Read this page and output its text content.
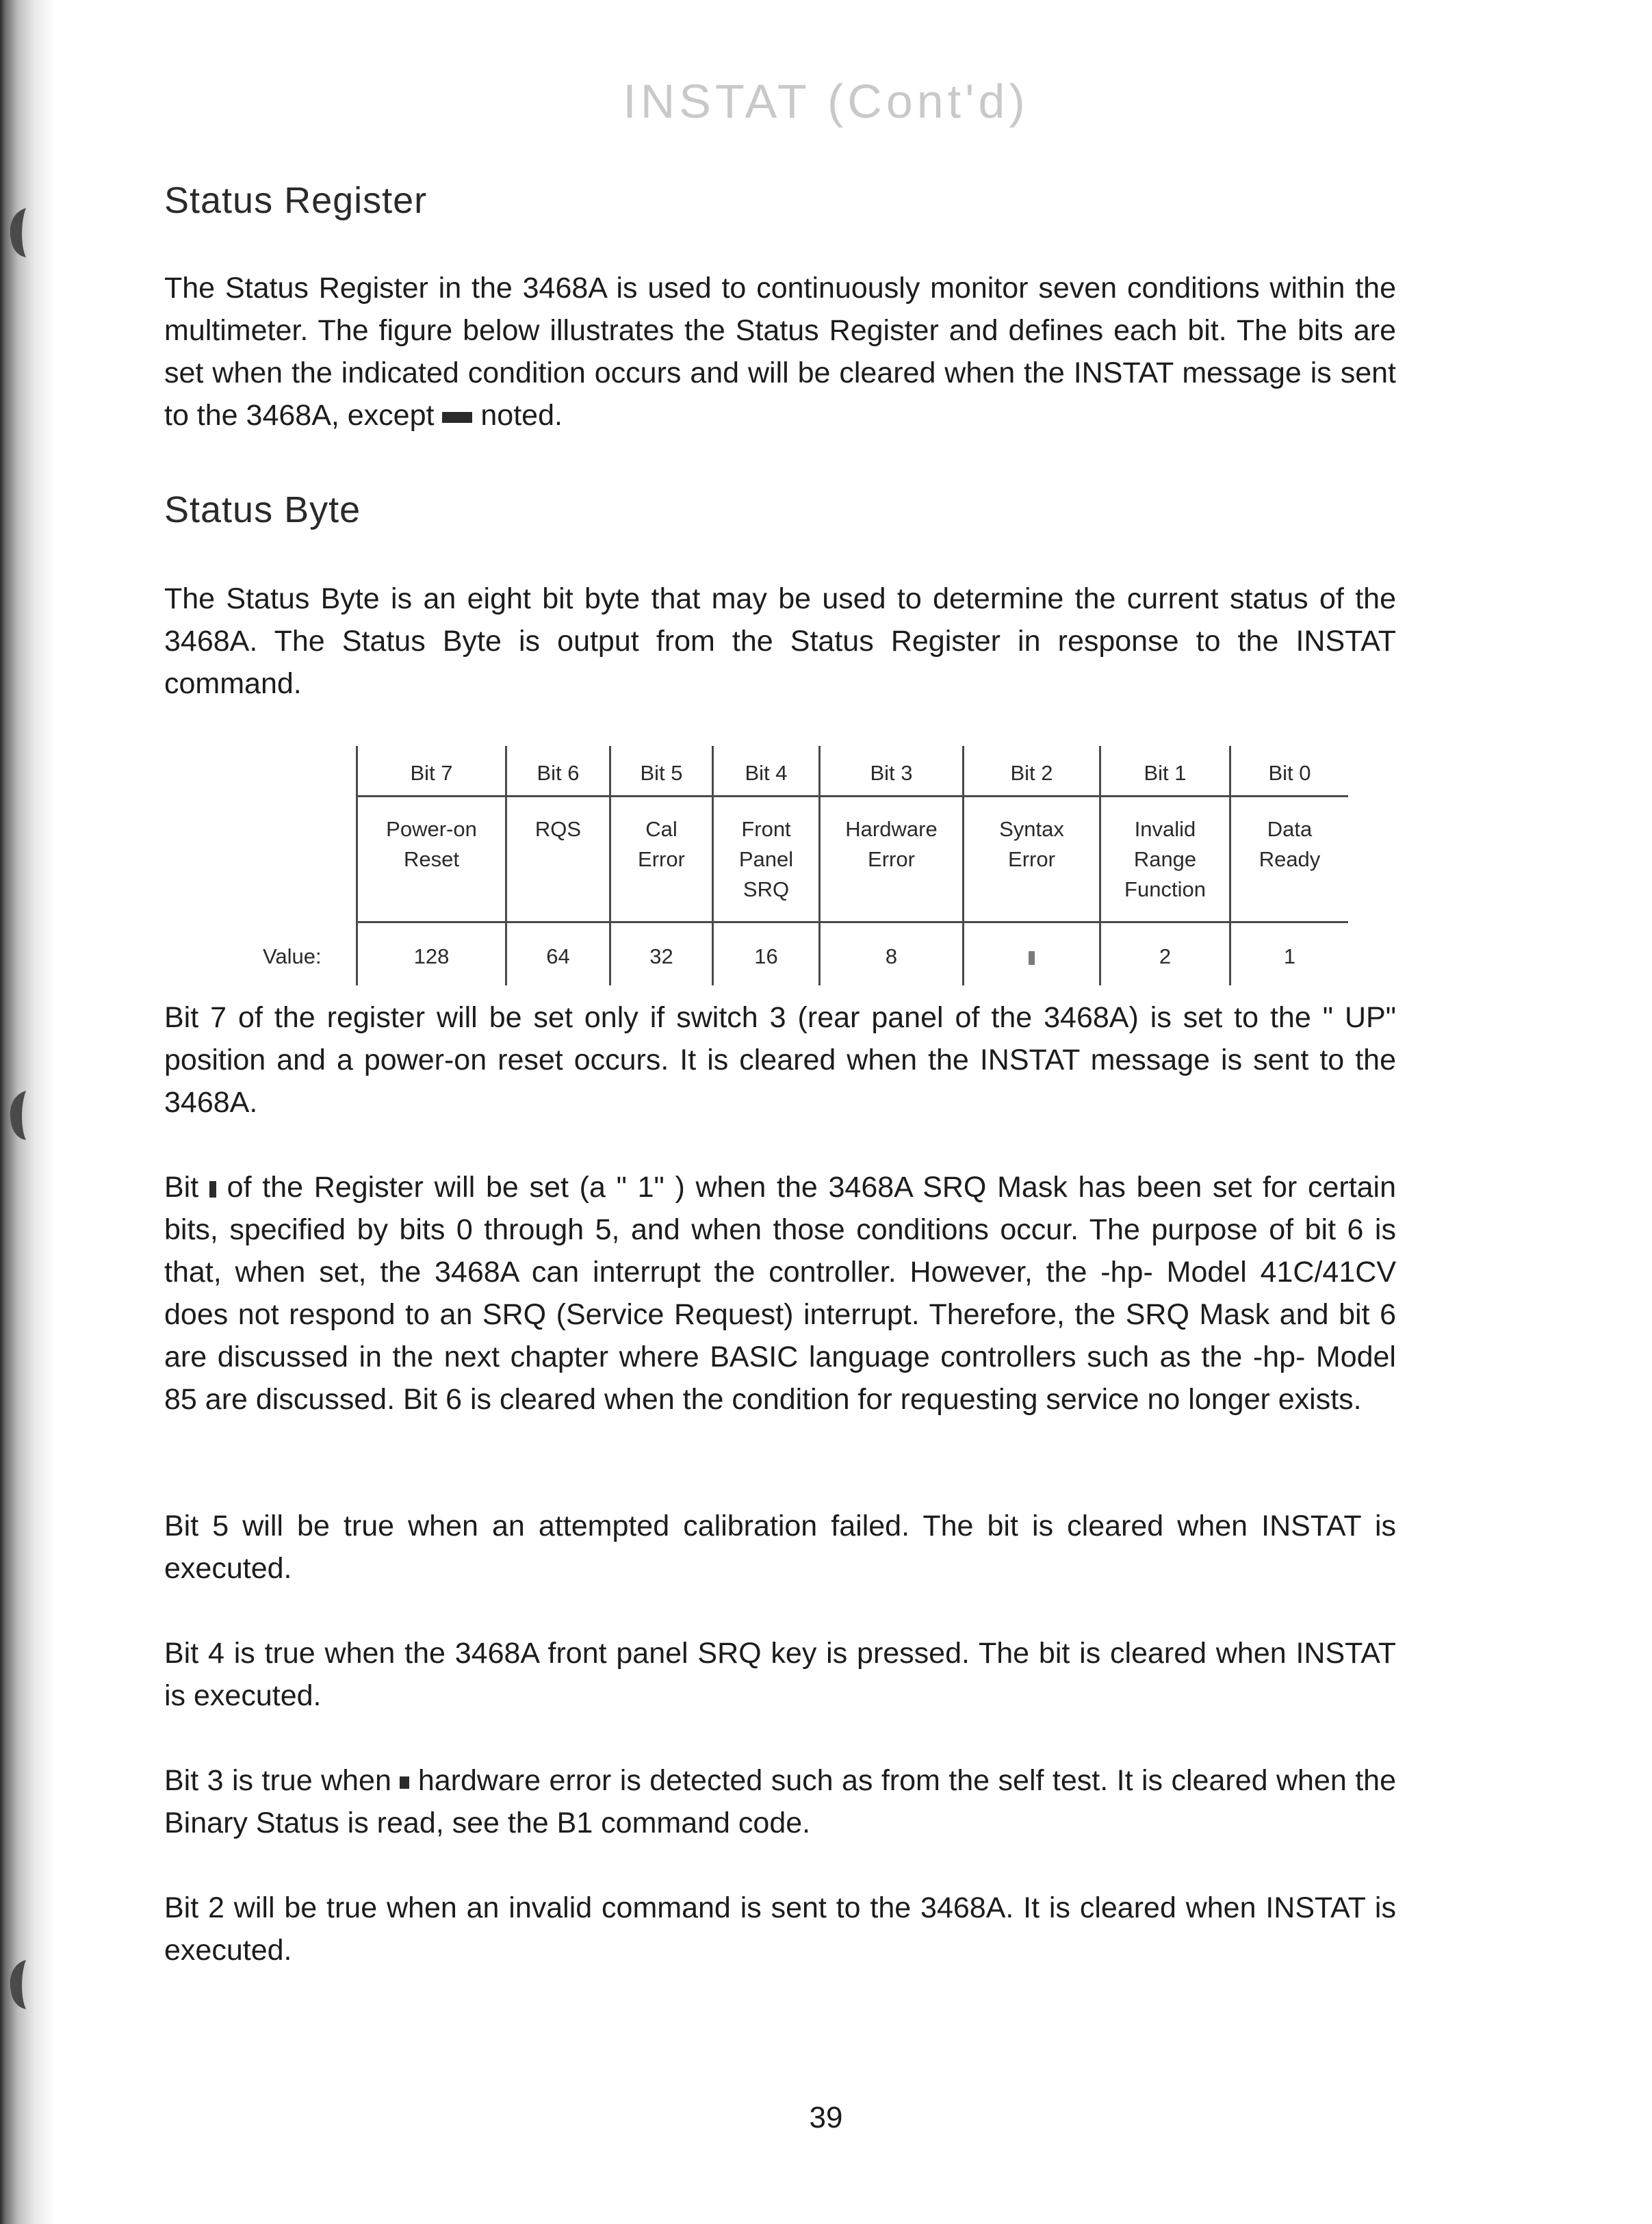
INSTAT (Cont'd)
Status Register

The Status Register in the 3468A is used to continuously monitor seven conditions within the multimeter. The figure below illustrates the Status Register and defines each bit. The bits are set when the indicated condition occurs and will be cleared when the INSTAT message is sent to the 3468A, except noted.

Status Byte

The Status Byte is an eight bit byte that may be used to determine the current status of the 3468A. The Status Byte is output from the Status Register in response to the INSTAT command.

Value:
Bit 7
Power-on
Reset
128
Bit 6
RQS
64
Bit 5
Cal
Error
32
Bit 4
Front
Panel
SRQ
16
Bit 3
Hardware
Error
8
Bit 2
Syntax
Error
Bit 1
Invalid
Range
Function
2
Bit 0
Data
Ready
1

Bit 7 of the register will be set only if switch 3 (rear panel of the 3468A) is set to the " UP" position and a power-on reset occurs. It is cleared when the INSTAT message is sent to the 3468A.

Bit of the Register will be set (a " 1" ) when the 3468A SRQ Mask has been set for certain bits, specified by bits 0 through 5, and when those conditions occur. The purpose of bit 6 is that, when set, the 3468A can interrupt the controller. However, the -hp- Model 41C/41CV does not respond to an SRQ (Service Request) interrupt. Therefore, the SRQ Mask and bit 6 are discussed in the next chapter where BASIC language controllers such as the -hp- Model 85 are discussed. Bit 6 is cleared when the condition for requesting service no longer exists.

Bit 5 will be true when an attempted calibration failed. The bit is cleared when INSTAT is executed.

Bit 4 is true when the 3468A front panel SRQ key is pressed. The bit is cleared when INSTAT is executed.

Bit 3 is true when hardware error is detected such as from the self test. It is cleared when the Binary Status is read, see the B1 command code.

Bit 2 will be true when an invalid command is sent to the 3468A. It is cleared when INSTAT is executed.

39
